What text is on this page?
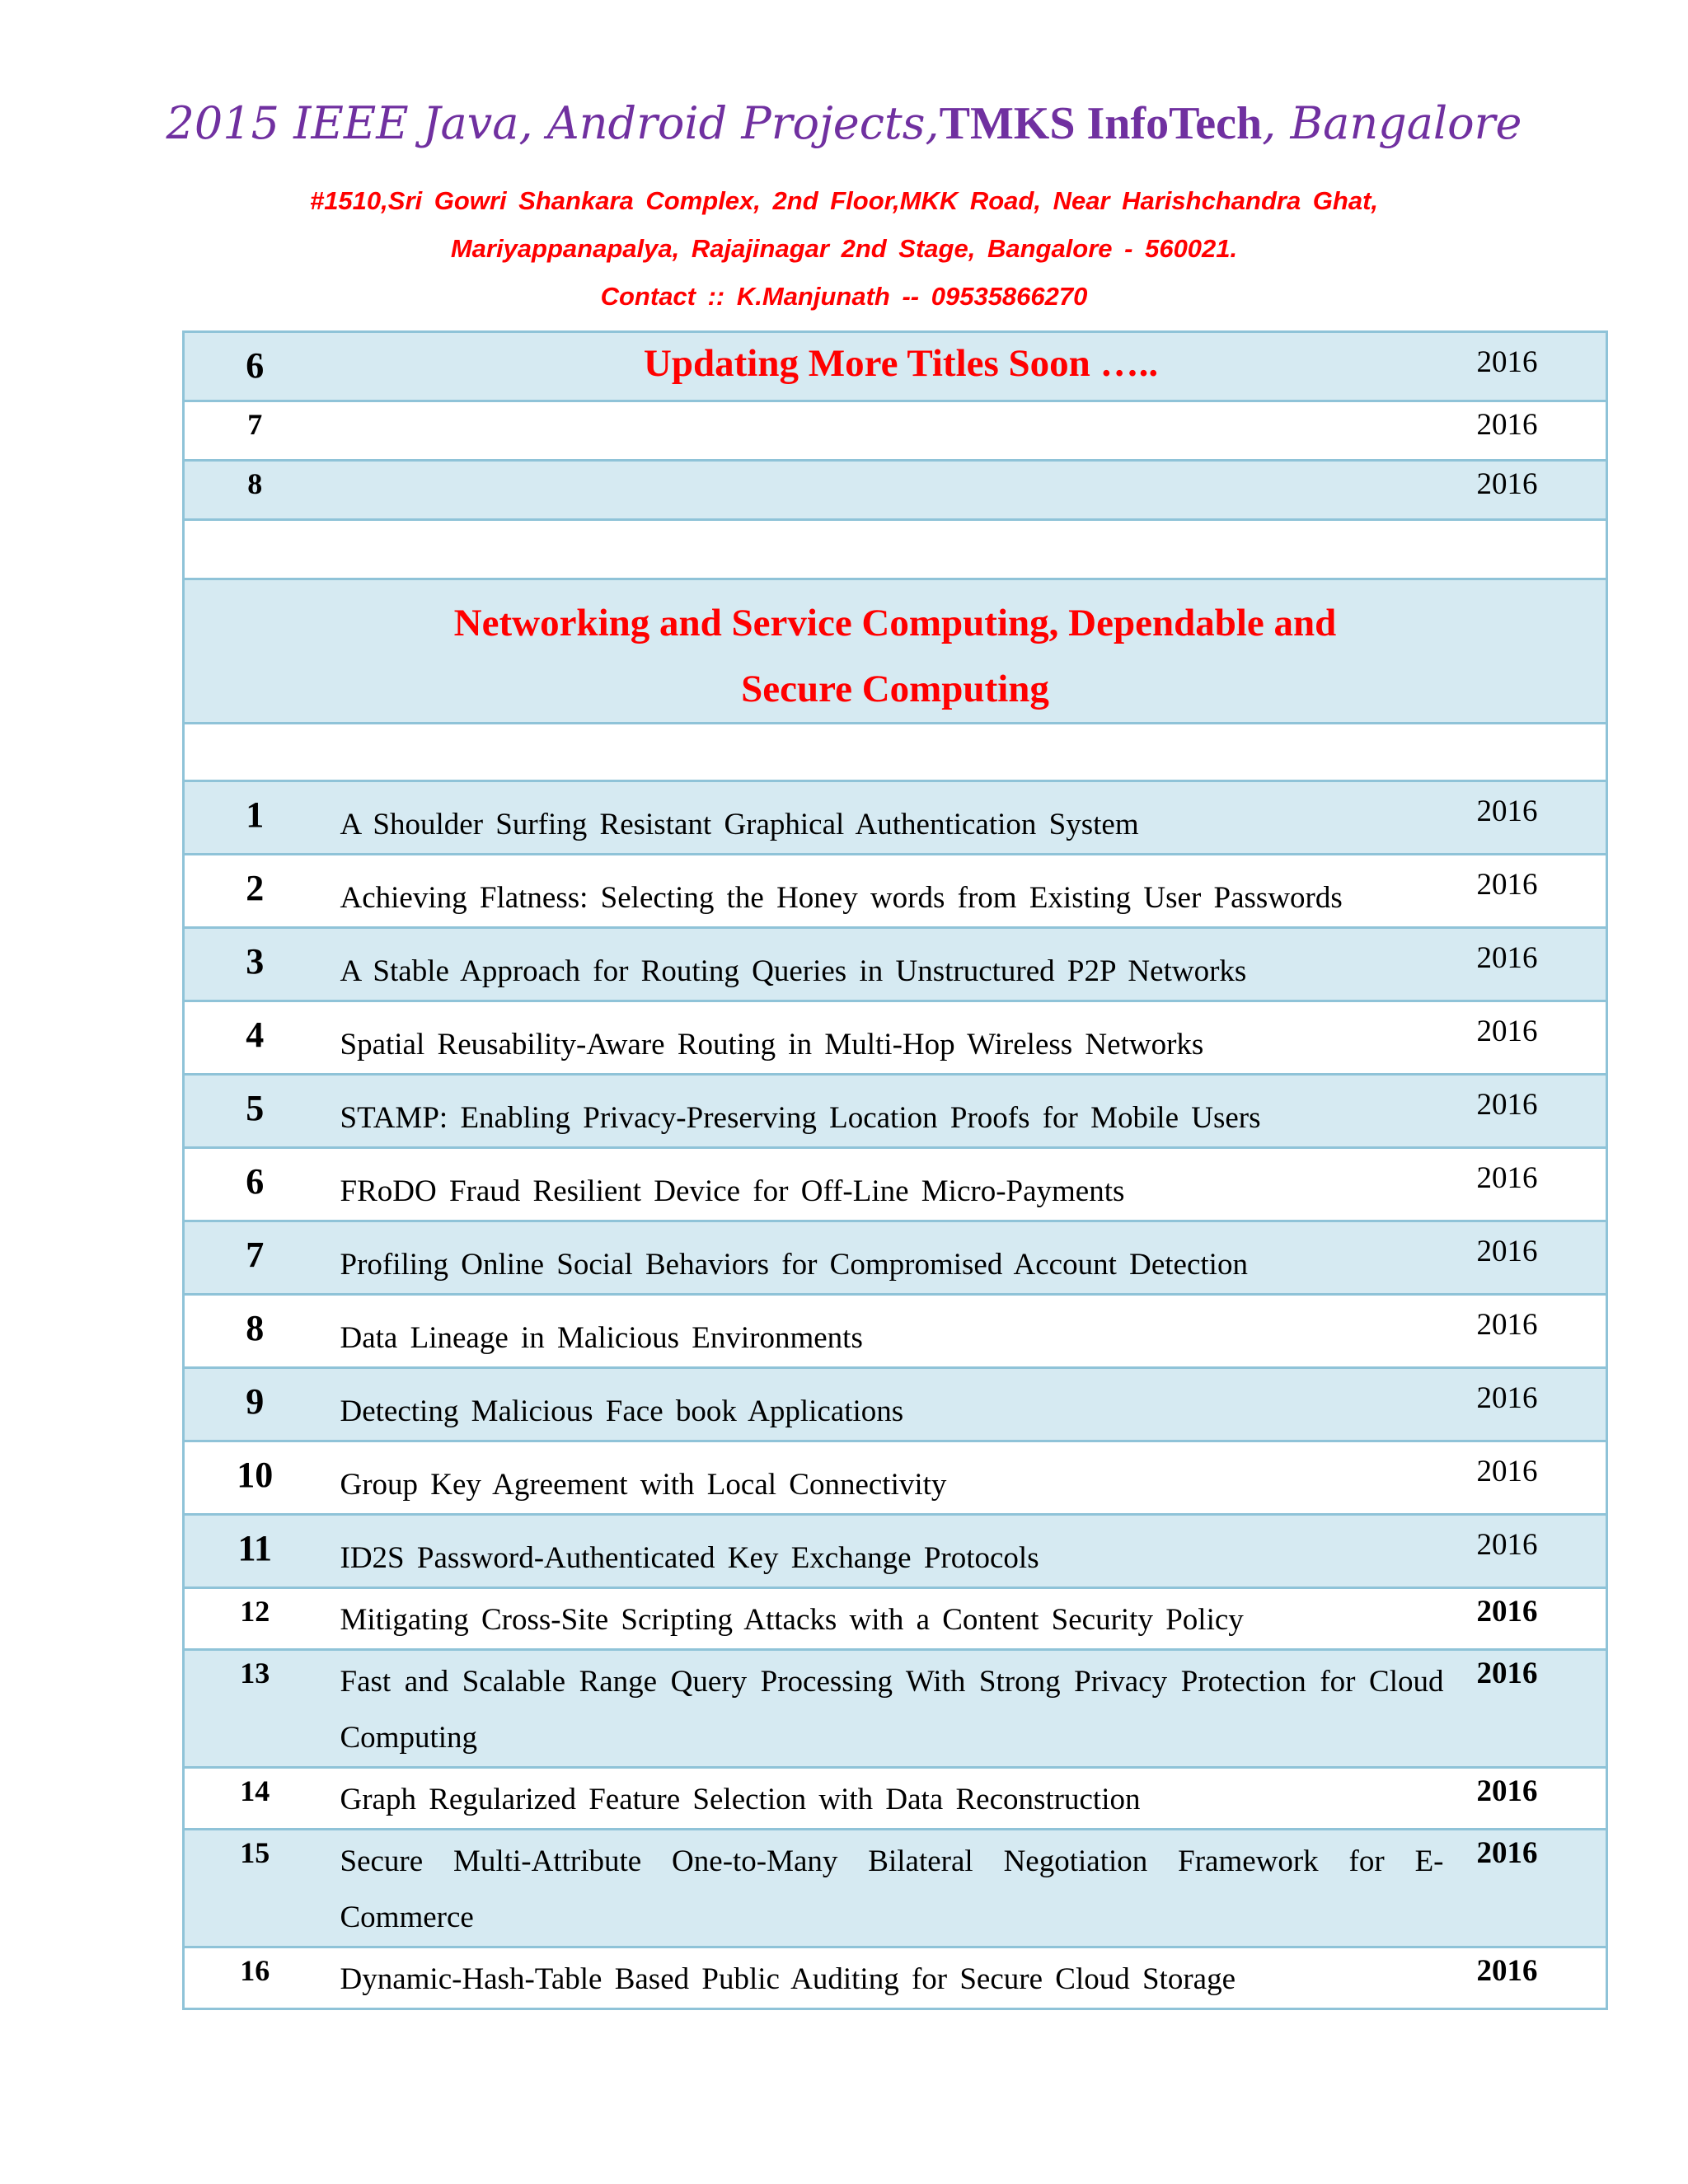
2015 IEEE Java, Android Projects,TMKS InfoTech, Bangalore
#1510,Sri Gowri Shankara Complex, 2nd Floor,MKK Road, Near Harishchandra Ghat,
Mariyappanapalya, Rajajinagar 2nd Stage, Bangalore - 560021.
Contact :: K.Manjunath -- 09535866270
6	Updating More Titles Soon …..	2016
7		2016
8		2016

Networking and Service Computing, Dependable and
Secure Computing		

1	A Shoulder Surfing Resistant Graphical Authentication System	2016
2	Achieving Flatness: Selecting the Honey words from Existing User Passwords	2016
3	A Stable Approach for Routing Queries in Unstructured P2P Networks	2016
4	Spatial Reusability-Aware Routing in Multi-Hop Wireless Networks	2016
5	STAMP: Enabling Privacy-Preserving Location Proofs for Mobile Users	2016
6	FRoDO Fraud Resilient Device for Off-Line Micro-Payments	2016
7	Profiling Online Social Behaviors for Compromised Account Detection	2016
8	Data Lineage in Malicious Environments	2016
9	Detecting Malicious Face book Applications	2016
10	Group Key Agreement with Local Connectivity	2016
11	ID2S Password-Authenticated Key Exchange Protocols	2016
12	Mitigating Cross-Site Scripting Attacks with a Content Security Policy	2016
13	Fast and Scalable Range Query Processing With Strong Privacy Protection for Cloud Computing	2016
14	Graph Regularized Feature Selection with Data Reconstruction	2016
15	Secure Multi-Attribute One-to-Many Bilateral Negotiation Framework for E-Commerce	2016
16	Dynamic-Hash-Table Based Public Auditing for Secure Cloud Storage	2016
